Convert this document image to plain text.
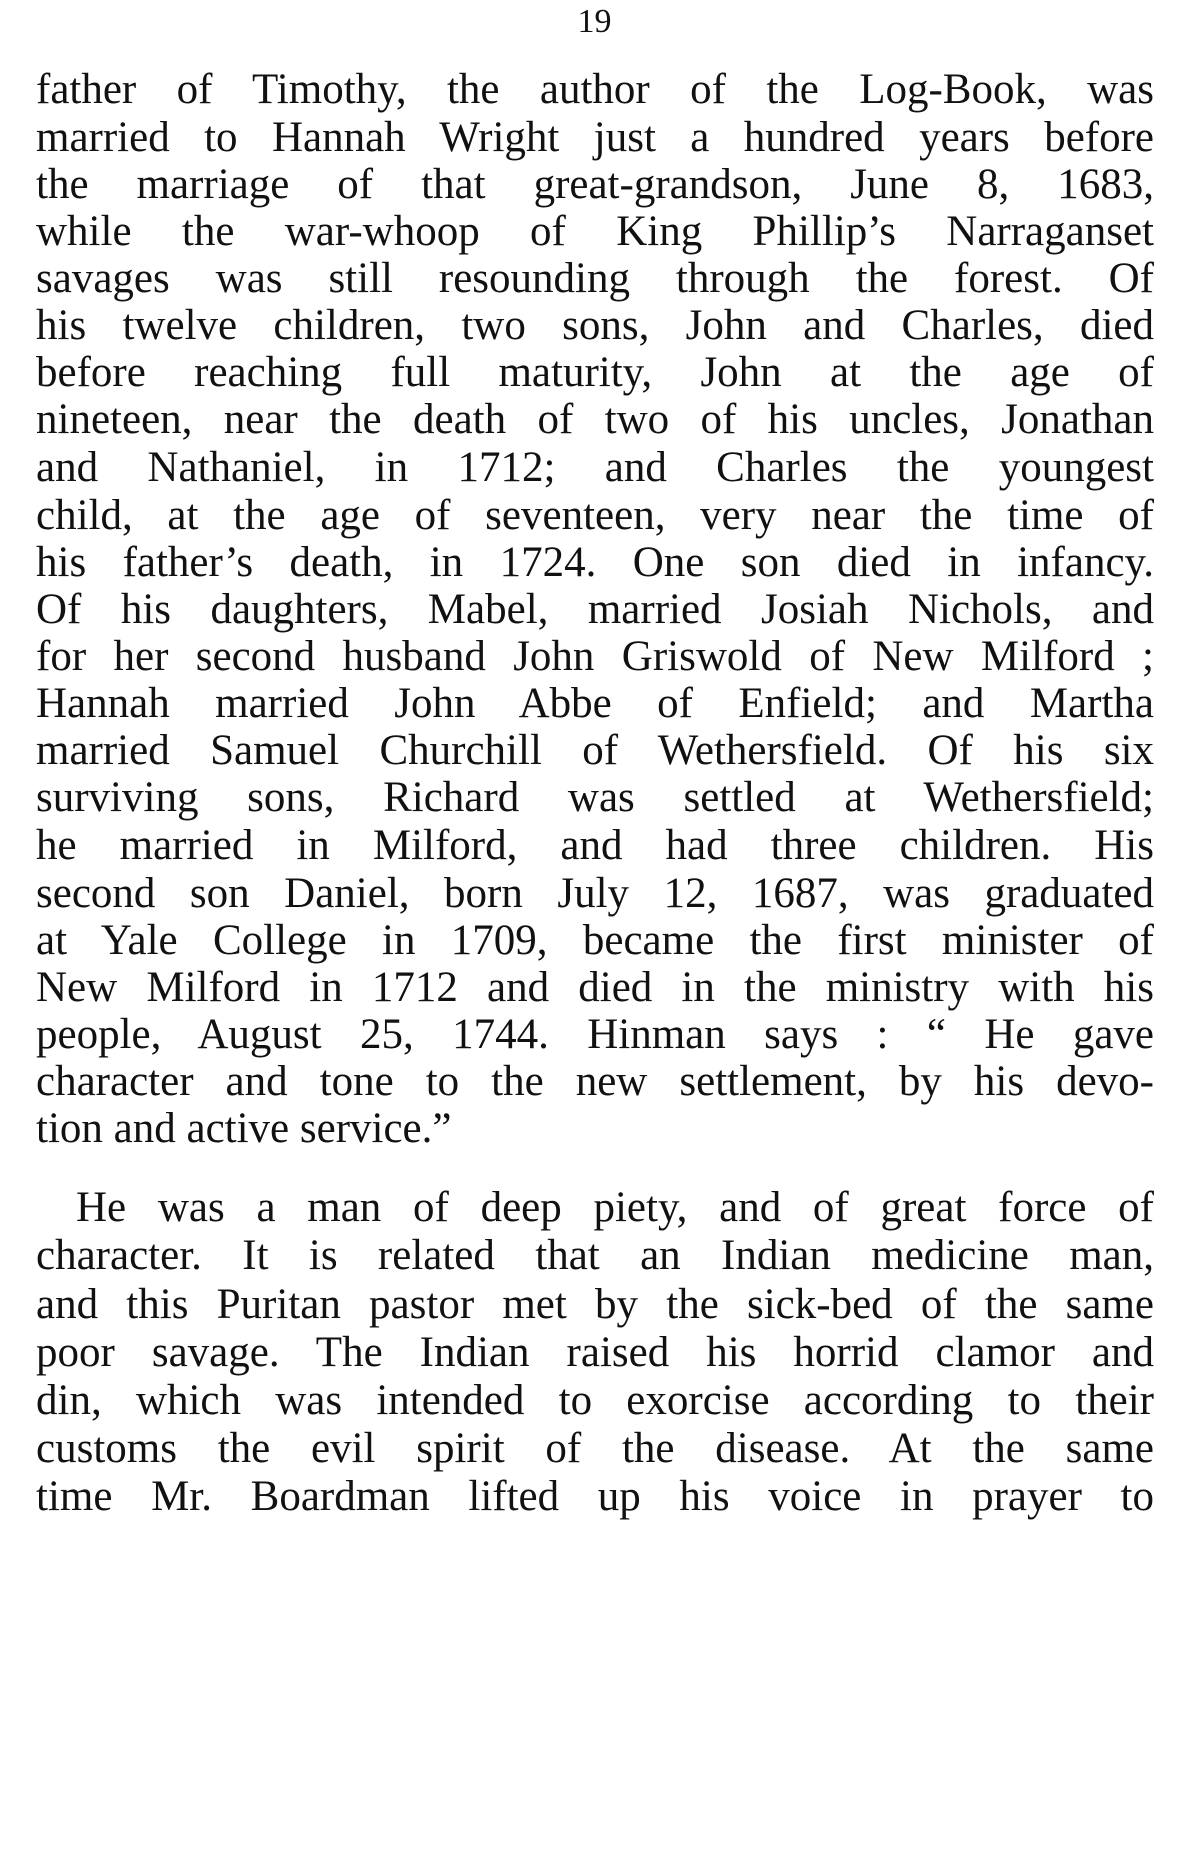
19
father of Timothy, the author of the Log-Book, was
married to Hannah Wright just a hundred years before
the marriage of that great-grandson, June 8, 1683,
while the war-whoop of King Phillip’s Narraganset
savages was still resounding through the forest. Of
his twelve children, two sons, John and Charles, died
before reaching full maturity, John at the age of
nineteen, near the death of two of his uncles, Jonathan
and Nathaniel, in 1712; and Charles the youngest
child, at the age of seventeen, very near the time of
his father’s death, in 1724. One son died in infancy.
Of his daughters, Mabel, married Josiah Nichols, and
for her second husband John Griswold of New Milford ;
Hannah married John Abbe of Enfield; and Martha
married Samuel Churchill of Wethersfield. Of his six
surviving sons, Richard was settled at Wethersfield;
he married in Milford, and had three children. His
second son Daniel, born July 12, 1687, was graduated
at Yale College in 1709, became the first minister of
New Milford in 1712 and died in the ministry with his
people, August 25, 1744. Hinman says : “ He gave
character and tone to the new settlement, by his devo-
tion and active service.”
He was a man of deep piety, and of great force of
character. It is related that an Indian medicine man,
and this Puritan pastor met by the sick-bed of the same
poor savage. The Indian raised his horrid clamor and
din, which was intended to exorcise according to their
customs the evil spirit of the disease. At the same
time Mr. Boardman lifted up his voice in prayer to
